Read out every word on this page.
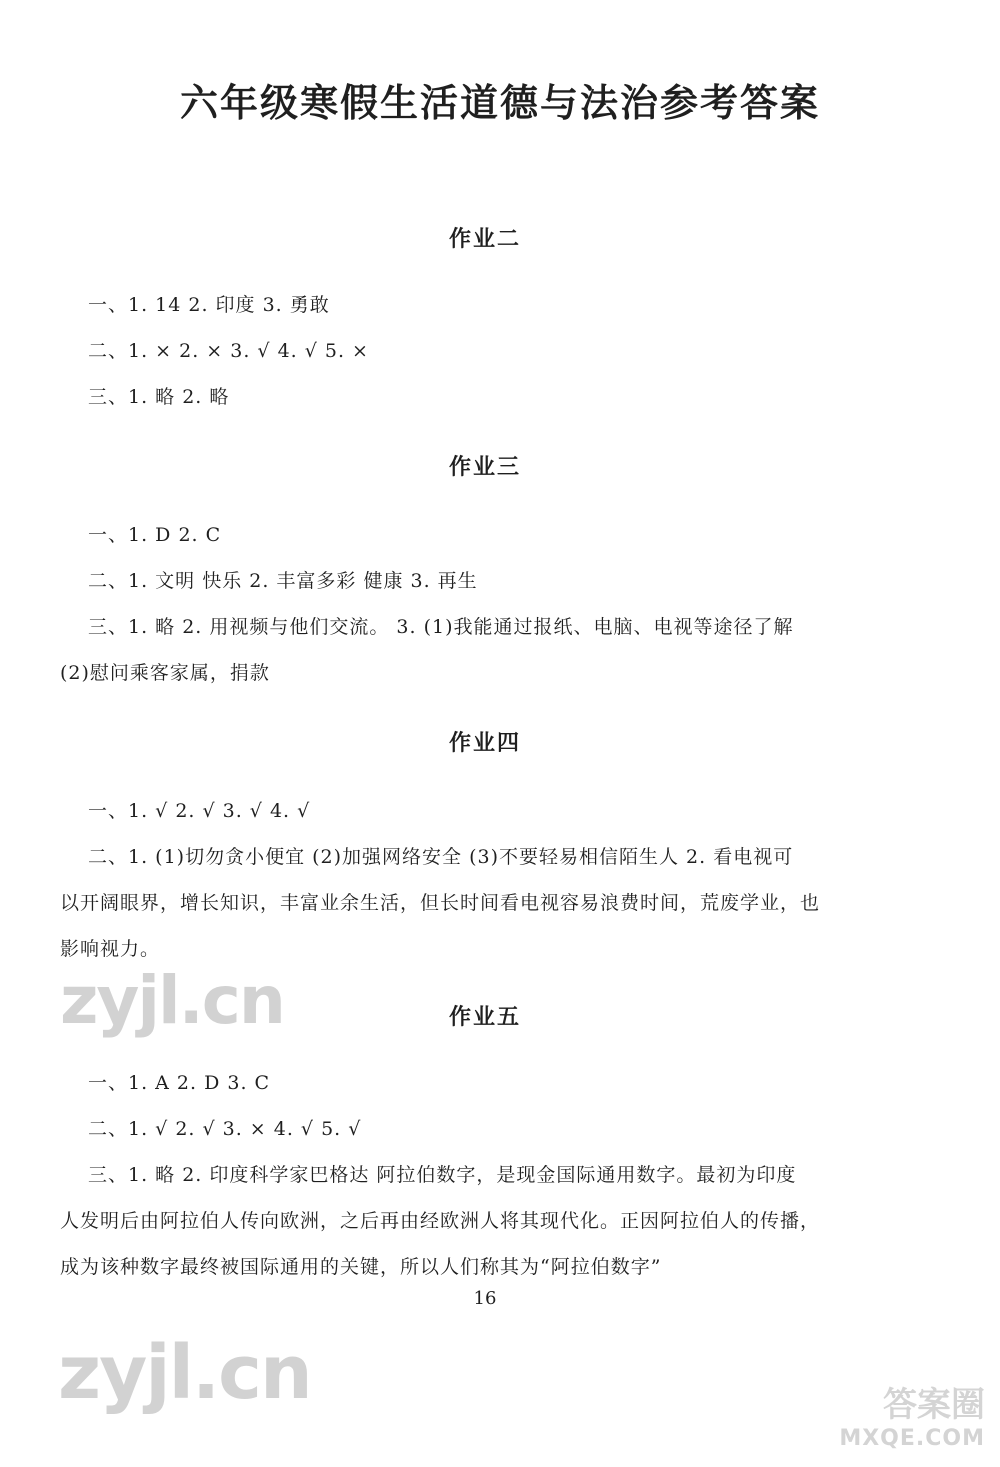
六年级寒假生活道德与法治参考答案
作业二
一、1. 14 2. 印度 3. 勇敢
二、1. × 2. × 3. √ 4. √ 5. ×
三、1. 略 2. 略
作业三
一、1. D 2. C
二、1. 文明 快乐 2. 丰富多彩 健康 3. 再生
三、1. 略 2. 用视频与他们交流。 3. (1)我能通过报纸、电脑、电视等途径了解
(2)慰问乘客家属，捐款
作业四
一、1. √ 2. √ 3. √ 4. √
二、1. (1)切勿贪小便宜 (2)加强网络安全 (3)不要轻易相信陌生人 2. 看电视可
以开阔眼界，增长知识，丰富业余生活，但长时间看电视容易浪费时间，荒废学业，也
影响视力。
作业五
一、1. A 2. D 3. C
二、1. √ 2. √ 3. × 4. √ 5. √
三、1. 略 2. 印度科学家巴格达 阿拉伯数字，是现金国际通用数字。最初为印度
人发明后由阿拉伯人传向欧洲，之后再由经欧洲人将其现代化。正因阿拉伯人的传播，
成为该种数字最终被国际通用的关键，所以人们称其为“阿拉伯数字”
16
zyjl.cn
zyjl.cn	答案圈
MXQE.COM
